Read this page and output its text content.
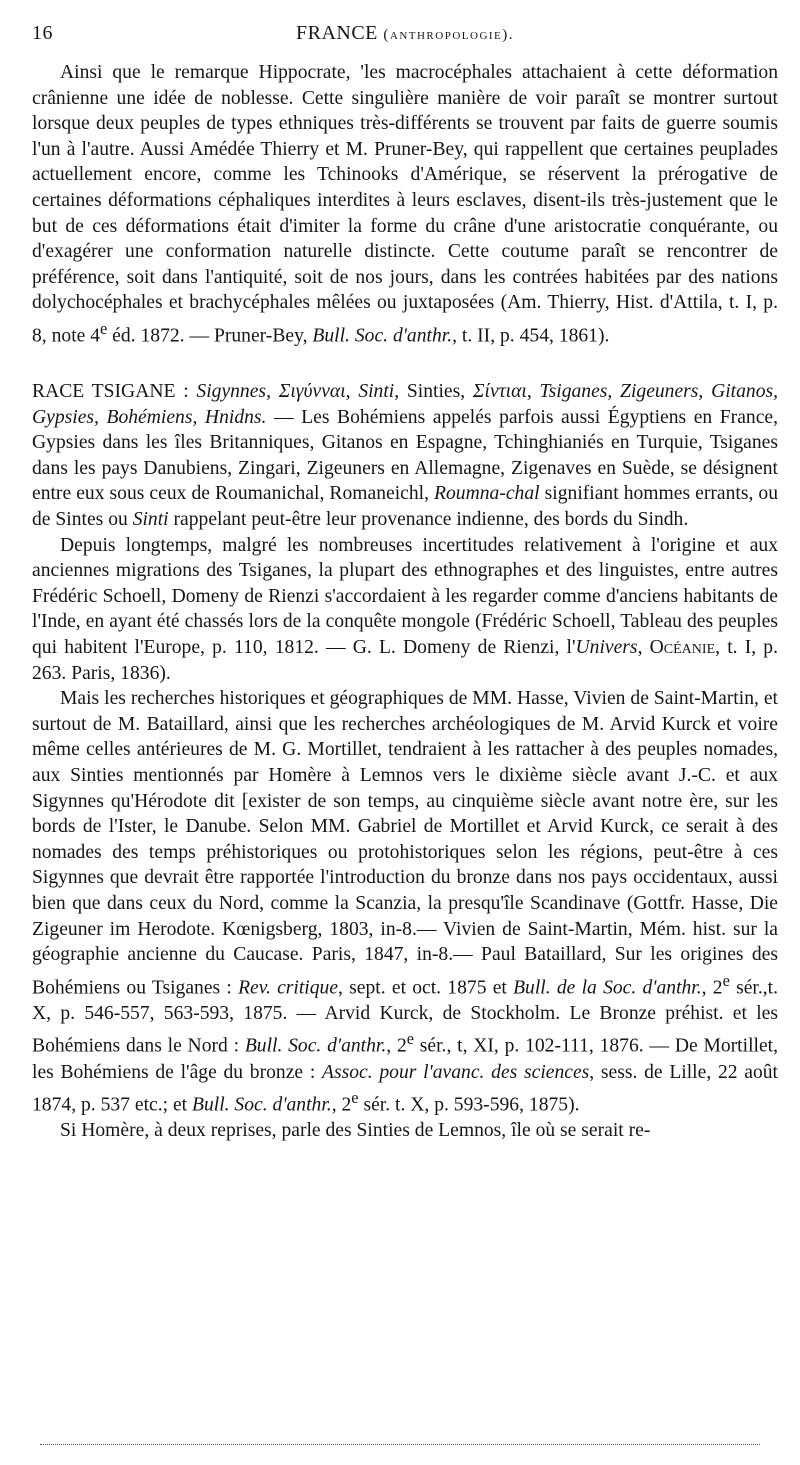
16	FRANCE (anthropologie).

Ainsi que le remarque Hippocrate, 'les macrocéphales attachaient à cette déformation crânienne une idée de noblesse. Cette singulière manière de voir paraît se montrer surtout lorsque deux peuples de types ethniques très-différents se trouvent par faits de guerre soumis l'un à l'autre. Aussi Amédée Thierry et M. Pruner-Bey, qui rappellent que certaines peuplades actuellement encore, comme les Tchinooks d'Amérique, se réservent la prérogative de certaines déformations céphaliques interdites à leurs esclaves, disent-ils très-justement que le but de ces déformations était d'imiter la forme du crâne d'une aristocratie conquérante, ou d'exagérer une conformation naturelle distincte. Cette coutume paraît se rencontrer de préférence, soit dans l'antiquité, soit de nos jours, dans les contrées habitées par des nations dolychocéphales et brachycéphales mêlées ou juxtaposées (Am. Thierry, Hist. d'Attila, t. I, p. 8, note 4e éd. 1872. — Pruner-Bey, Bull. Soc. d'anthr., t. II, p. 454, 1861).

RACE TSIGANE : Sigynnes, Σιγύνναι, Sinti, Sinties, Σίντιαι, Tsiganes, Zigeuners, Gitanos, Gypsies, Bohémiens, Hnidns. — Les Bohémiens appelés parfois aussi Égyptiens en France, Gypsies dans les îles Britanniques, Gitanos en Espagne, Tchinghianiés en Turquie, Tsiganes dans les pays Danubiens, Zingari, Zigeuners en Allemagne, Zigenaves en Suède, se désignent entre eux sous ceux de Roumanichal, Romaneichl, Roumna-chal signifiant hommes errants, ou de Sintes ou Sinti rappelant peut-être leur provenance indienne, des bords du Sindh.

Depuis longtemps, malgré les nombreuses incertitudes relativement à l'origine et aux anciennes migrations des Tsiganes, la plupart des ethnographes et des linguistes, entre autres Frédéric Schoell, Domeny de Rienzi s'accordaient à les regarder comme d'anciens habitants de l'Inde, en ayant été chassés lors de la conquête mongole (Frédéric Schoell, Tableau des peuples qui habitent l'Europe, p. 110, 1812. — G. L. Domeny de Rienzi, l'Univers, Océanie, t. I, p. 263. Paris, 1836).

Mais les recherches historiques et géographiques de MM. Hasse, Vivien de Saint-Martin, et surtout de M. Bataillard, ainsi que les recherches archéologiques de M. Arvid Kurck et voire même celles antérieures de M. G. Mortillet, tendraient à les rattacher à des peuples nomades, aux Sinties mentionnés par Homère à Lemnos vers le dixième siècle avant J.-C. et aux Sigynnes qu'Hérodote dit [exister de son temps, au cinquième siècle avant notre ère, sur les bords de l'Ister, le Danube. Selon MM. Gabriel de Mortillet et Arvid Kurck, ce serait à des nomades des temps préhistoriques ou protohistoriques selon les régions, peut-être à ces Sigynnes que devrait être rapportée l'introduction du bronze dans nos pays occidentaux, aussi bien que dans ceux du Nord, comme la Scanzia, la presqu'île Scandinave (Gottfr. Hasse, Die Zigeuner im Herodote. Kœnigsberg, 1803, in-8.— Vivien de Saint-Martin, Mém. hist. sur la géographie ancienne du Caucase. Paris, 1847, in-8.— Paul Bataillard, Sur les origines des Bohémiens ou Tsiganes : Rev. critique, sept. et oct. 1875 et Bull. de la Soc. d'anthr., 2e sér.,t. X, p. 546-557, 563-593, 1875. — Arvid Kurck, de Stockholm. Le Bronze préhist. et les Bohémiens dans le Nord : Bull. Soc. d'anthr., 2e sér., t, XI, p. 102-111, 1876. — De Mortillet, les Bohémiens de l'âge du bronze : Assoc. pour l'avanc. des sciences, sess. de Lille, 22 août 1874, p. 537 etc.; et Bull. Soc. d'anthr., 2e sér. t. X, p. 593-596, 1875).

Si Homère, à deux reprises, parle des Sinties de Lemnos, île où se serait re-
